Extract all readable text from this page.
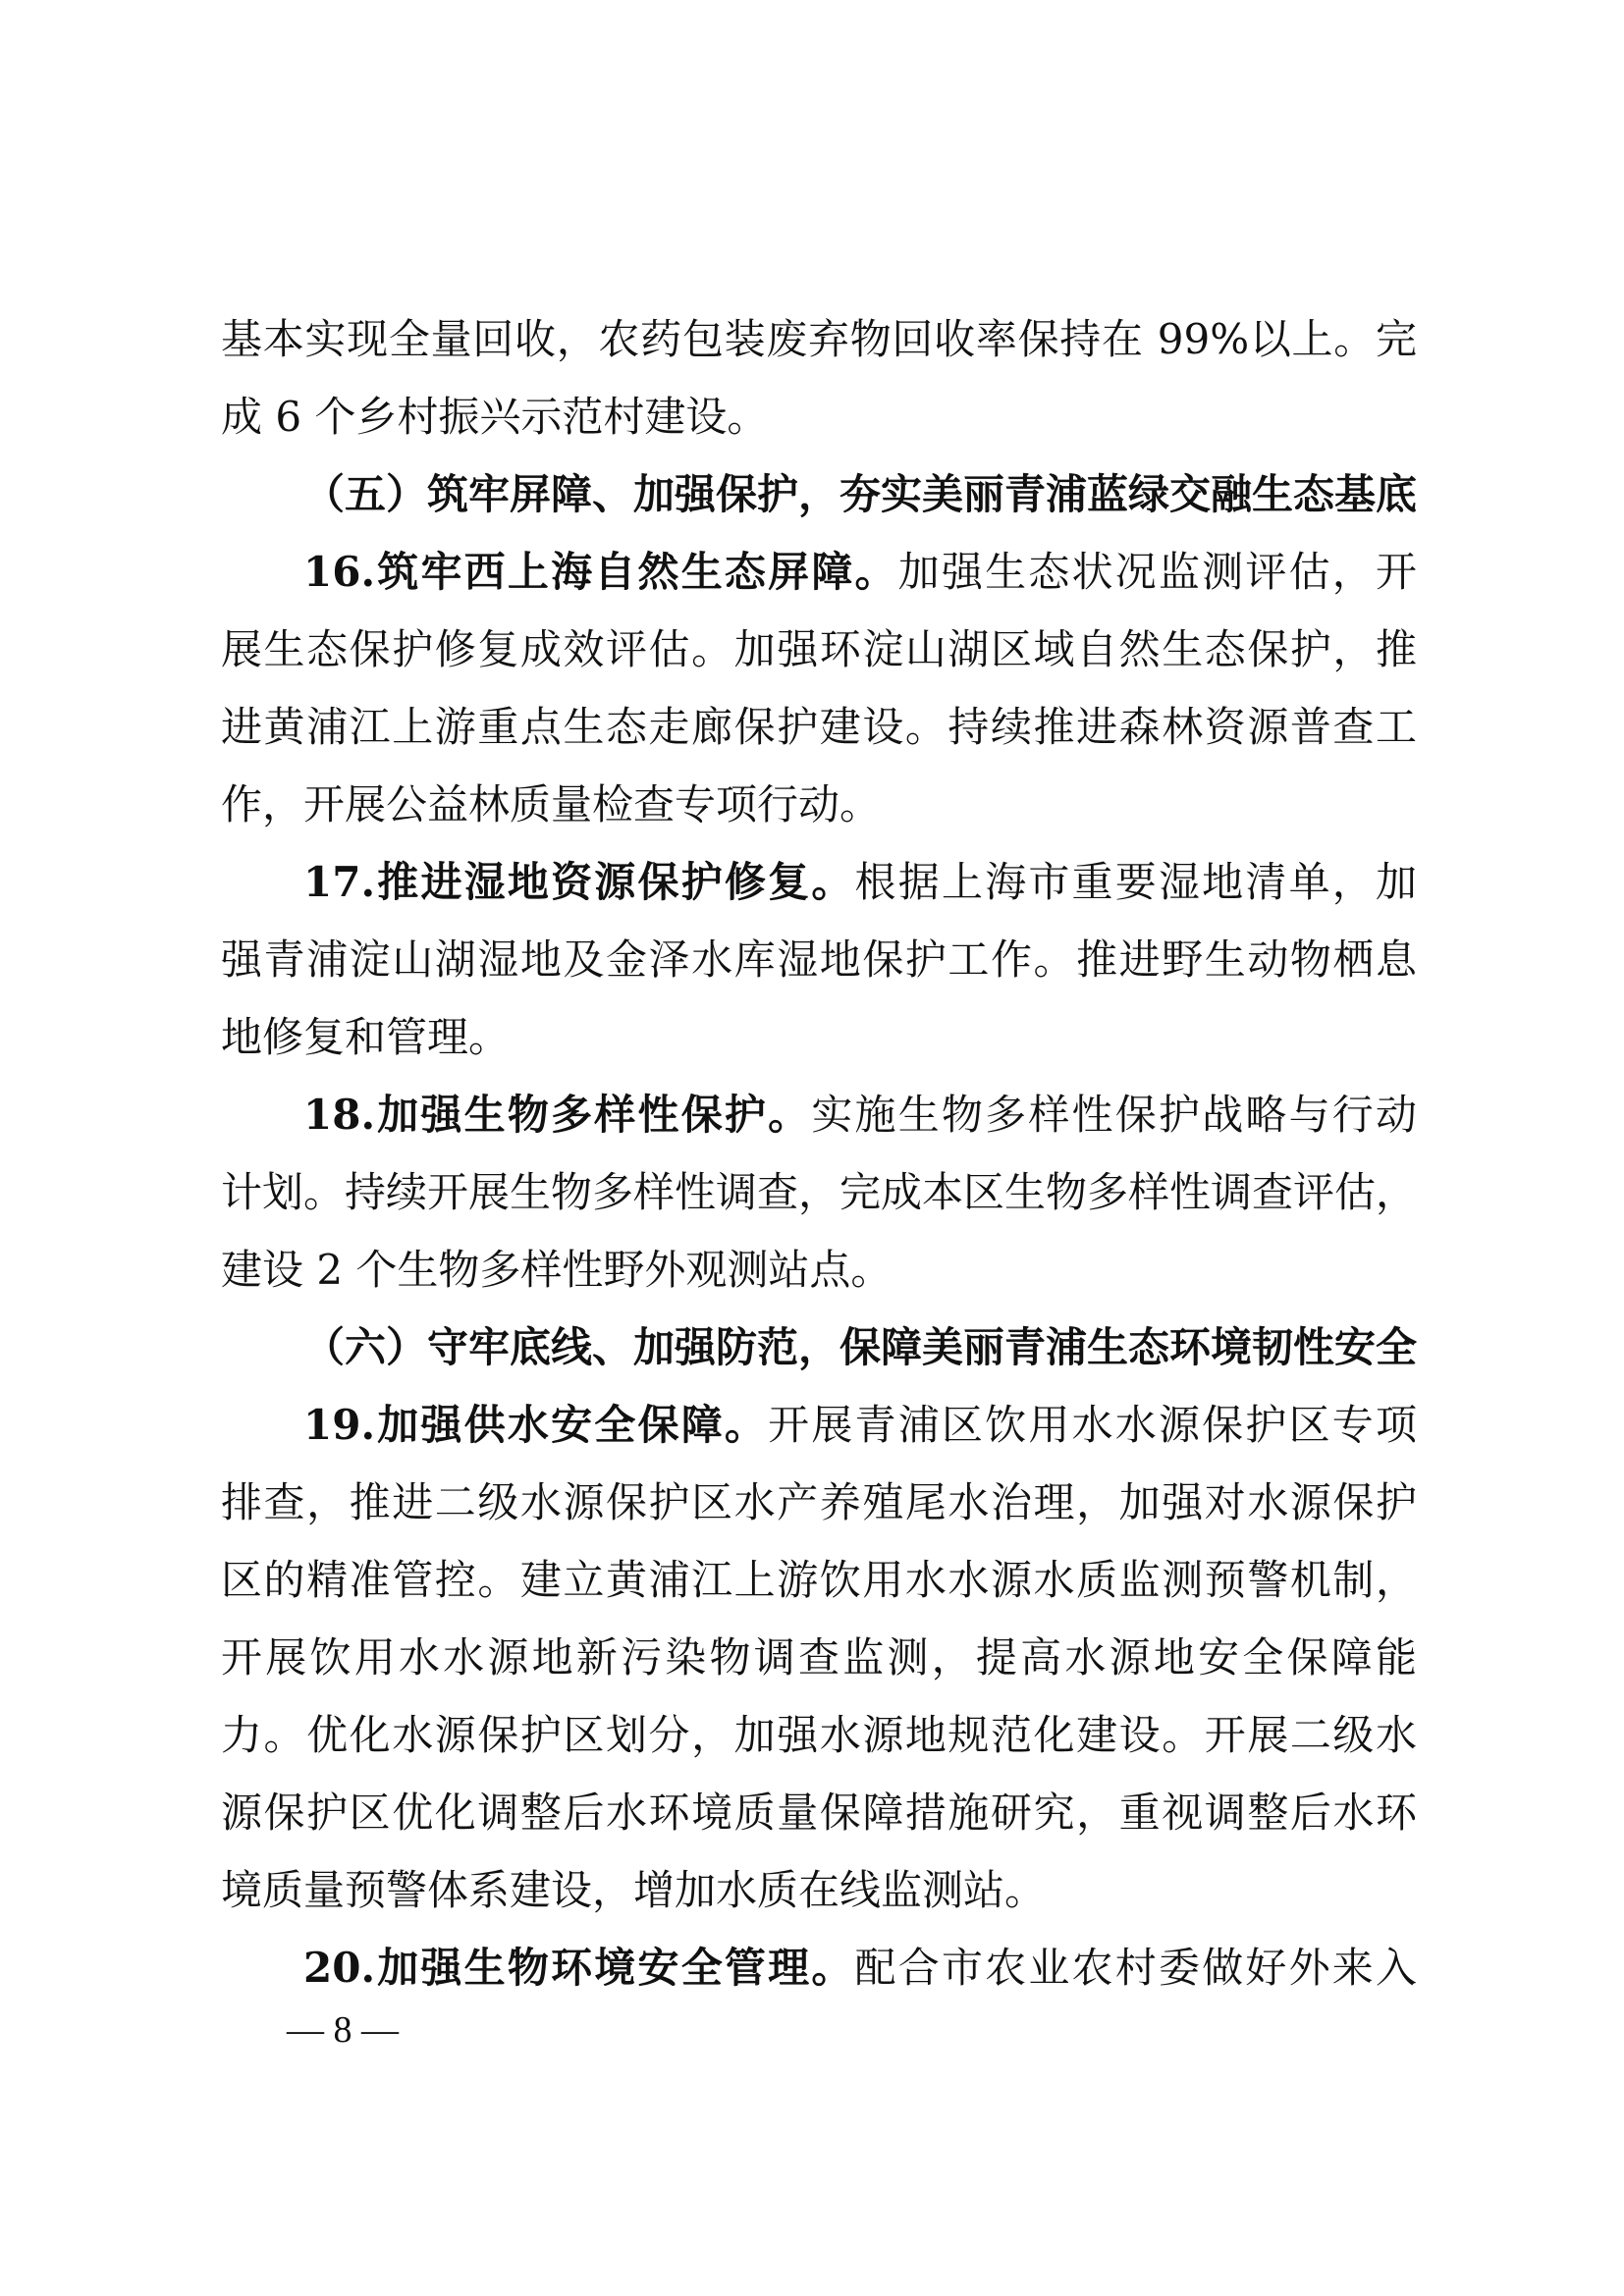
基本实现全量回收，农药包装废弃物回收率保持在 99%以上。完

成 6 个乡村振兴示范村建设。

（五）筑牢屏障、加强保护，夯实美丽青浦蓝绿交融生态基底

16.筑牢西上海自然生态屏障。加强生态状况监测评估，开

展生态保护修复成效评估。加强环淀山湖区域自然生态保护，推

进黄浦江上游重点生态走廊保护建设。持续推进森林资源普查工

作，开展公益林质量检查专项行动。

17.推进湿地资源保护修复。根据上海市重要湿地清单，加

强青浦淀山湖湿地及金泽水库湿地保护工作。推进野生动物栖息

地修复和管理。

18.加强生物多样性保护。实施生物多样性保护战略与行动

计划。持续开展生物多样性调查，完成本区生物多样性调查评估，

建设 2 个生物多样性野外观测站点。

（六）守牢底线、加强防范，保障美丽青浦生态环境韧性安全

19.加强供水安全保障。开展青浦区饮用水水源保护区专项

排查，推进二级水源保护区水产养殖尾水治理，加强对水源保护

区的精准管控。建立黄浦江上游饮用水水源水质监测预警机制，

开展饮用水水源地新污染物调查监测，提高水源地安全保障能

力。优化水源保护区划分，加强水源地规范化建设。开展二级水

源保护区优化调整后水环境质量保障措施研究，重视调整后水环

境质量预警体系建设，增加水质在线监测站。

20.加强生物环境安全管理。配合市农业农村委做好外来入

— 8 —
